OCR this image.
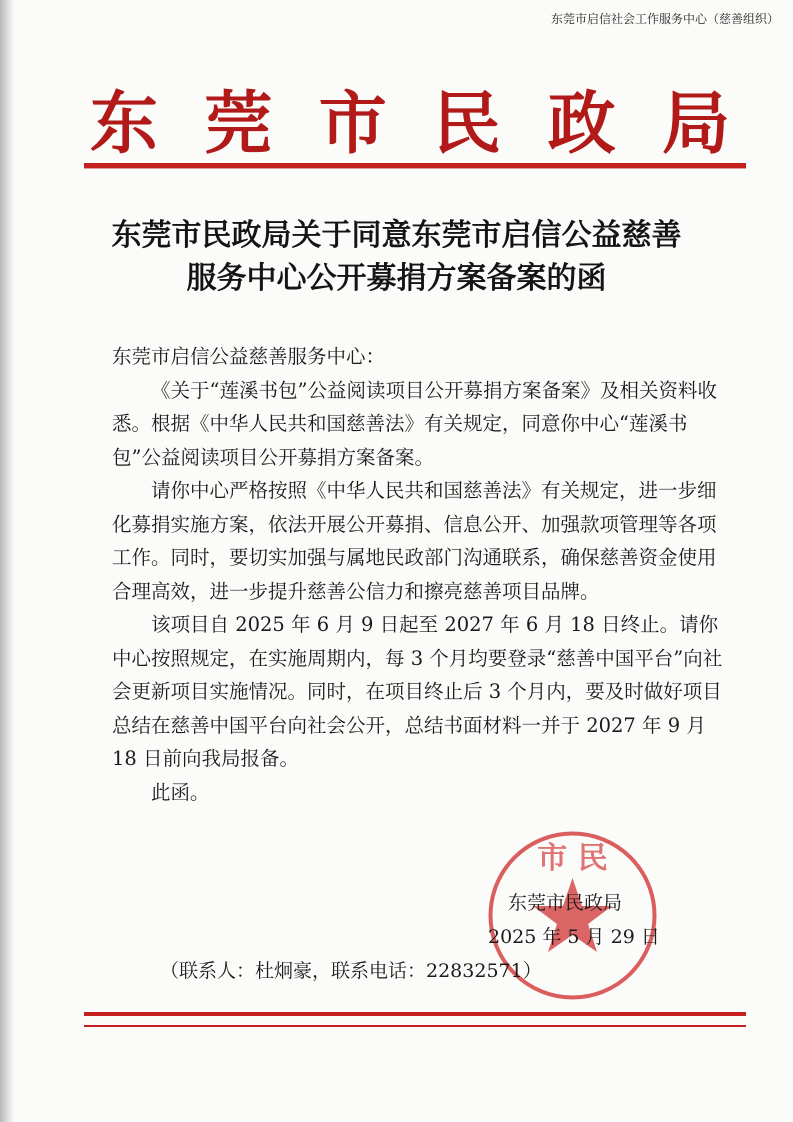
东莞市启信社会工作服务中心（慈善组织）
东 莞 市 民 政 局
东莞市民政局关于同意东莞市启信公益慈善
服务中心公开募捐方案备案的函

东莞市启信公益慈善服务中心：

《关于“莲溪书包”公益阅读项目公开募捐方案备案》及相关资料收悉。根据《中华人民共和国慈善法》有关规定，同意你中心“莲溪书包”公益阅读项目公开募捐方案备案。

请你中心严格按照《中华人民共和国慈善法》有关规定，进一步细化募捐实施方案，依法开展公开募捐、信息公开、加强款项管理等各项工作。同时，要切实加强与属地民政部门沟通联系，确保慈善资金使用合理高效，进一步提升慈善公信力和擦亮慈善项目品牌。

该项目自 2025 年 6 月 9 日起至 2027 年 6 月 18 日终止。请你中心按照规定，在实施周期内，每 3 个月均要登录“慈善中国平台”向社会更新项目实施情况。同时，在项目终止后 3 个月内，要及时做好项目总结在慈善中国平台向社会公开，总结书面材料一并于 2027 年 9 月 18 日前向我局报备。

此函。

市 民
东莞市民政局
2025 年 5 月 29 日
（联系人：杜炯豪，联系电话：22832571）
